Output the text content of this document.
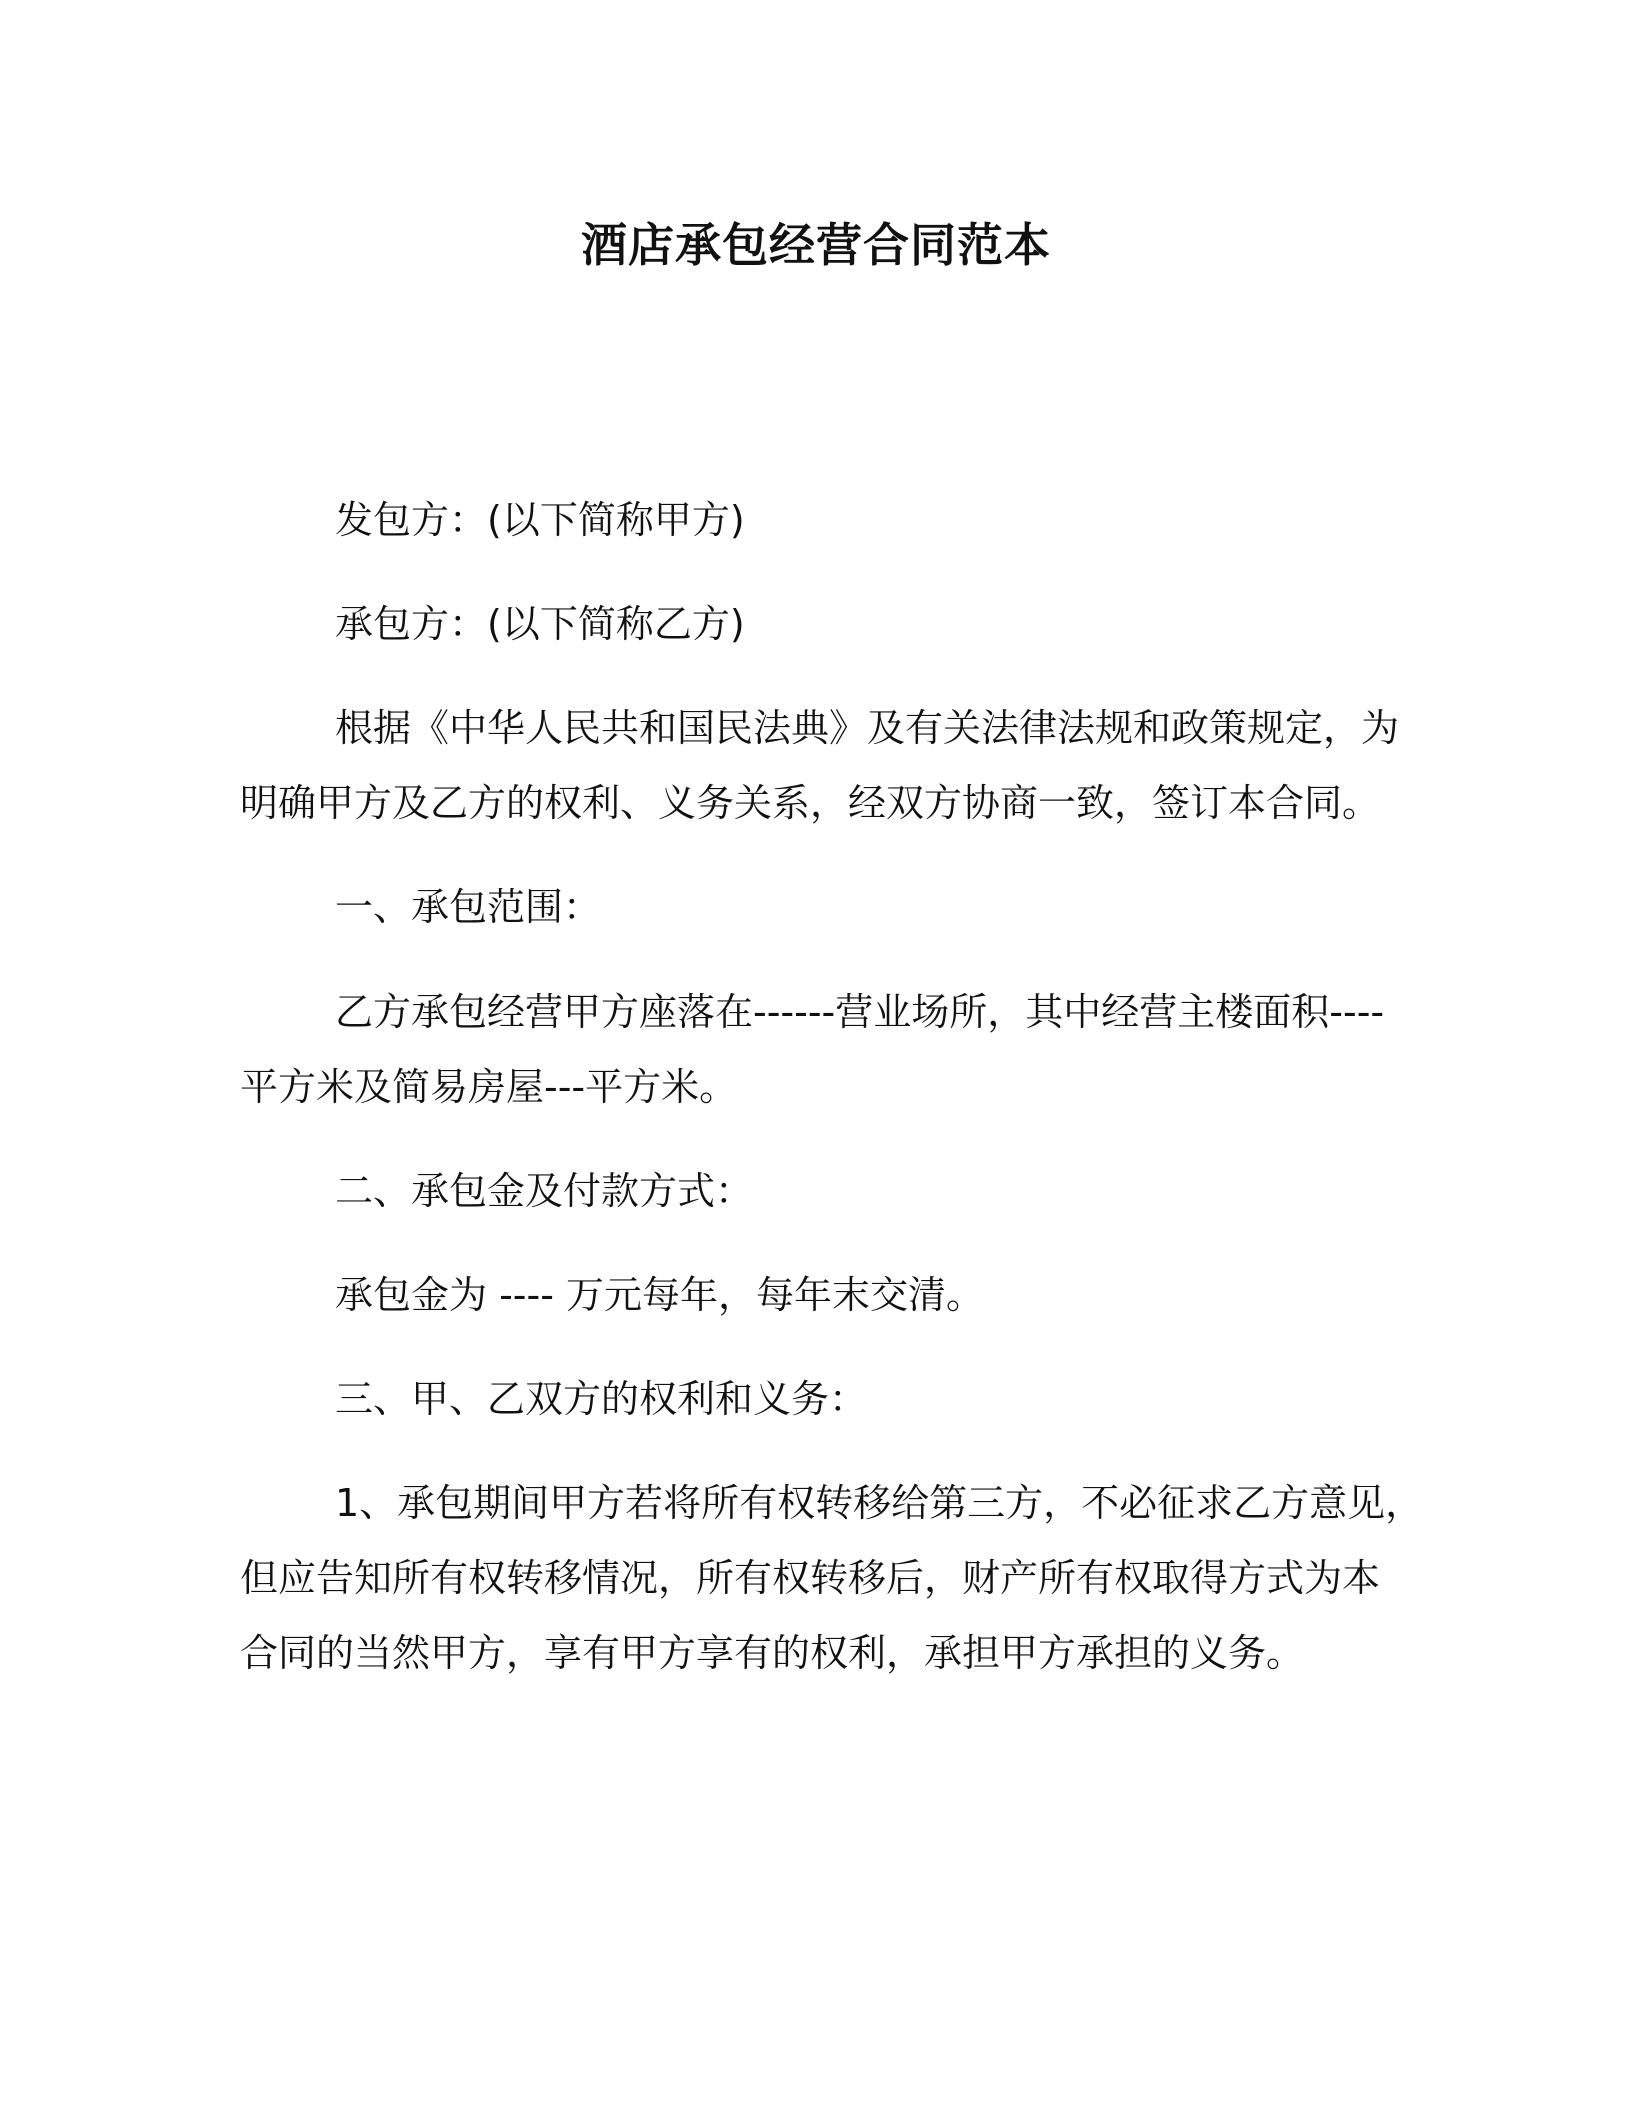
酒店承包经营合同范本
发包方：(以下简称甲方)
承包方：(以下简称乙方)
根据《中华人民共和国民法典》及有关法律法规和政策规定，为
明确甲方及乙方的权利、义务关系，经双方协商一致，签订本合同。
一、承包范围：
乙方承包经营甲方座落在------营业场所，其中经营主楼面积----
平方米及简易房屋---平方米。
二、承包金及付款方式：
承包金为 ---- 万元每年，每年末交清。
三、甲、乙双方的权利和义务：
1、承包期间甲方若将所有权转移给第三方，不必征求乙方意见，
但应告知所有权转移情况，所有权转移后，财产所有权取得方式为本
合同的当然甲方，享有甲方享有的权利，承担甲方承担的义务。
